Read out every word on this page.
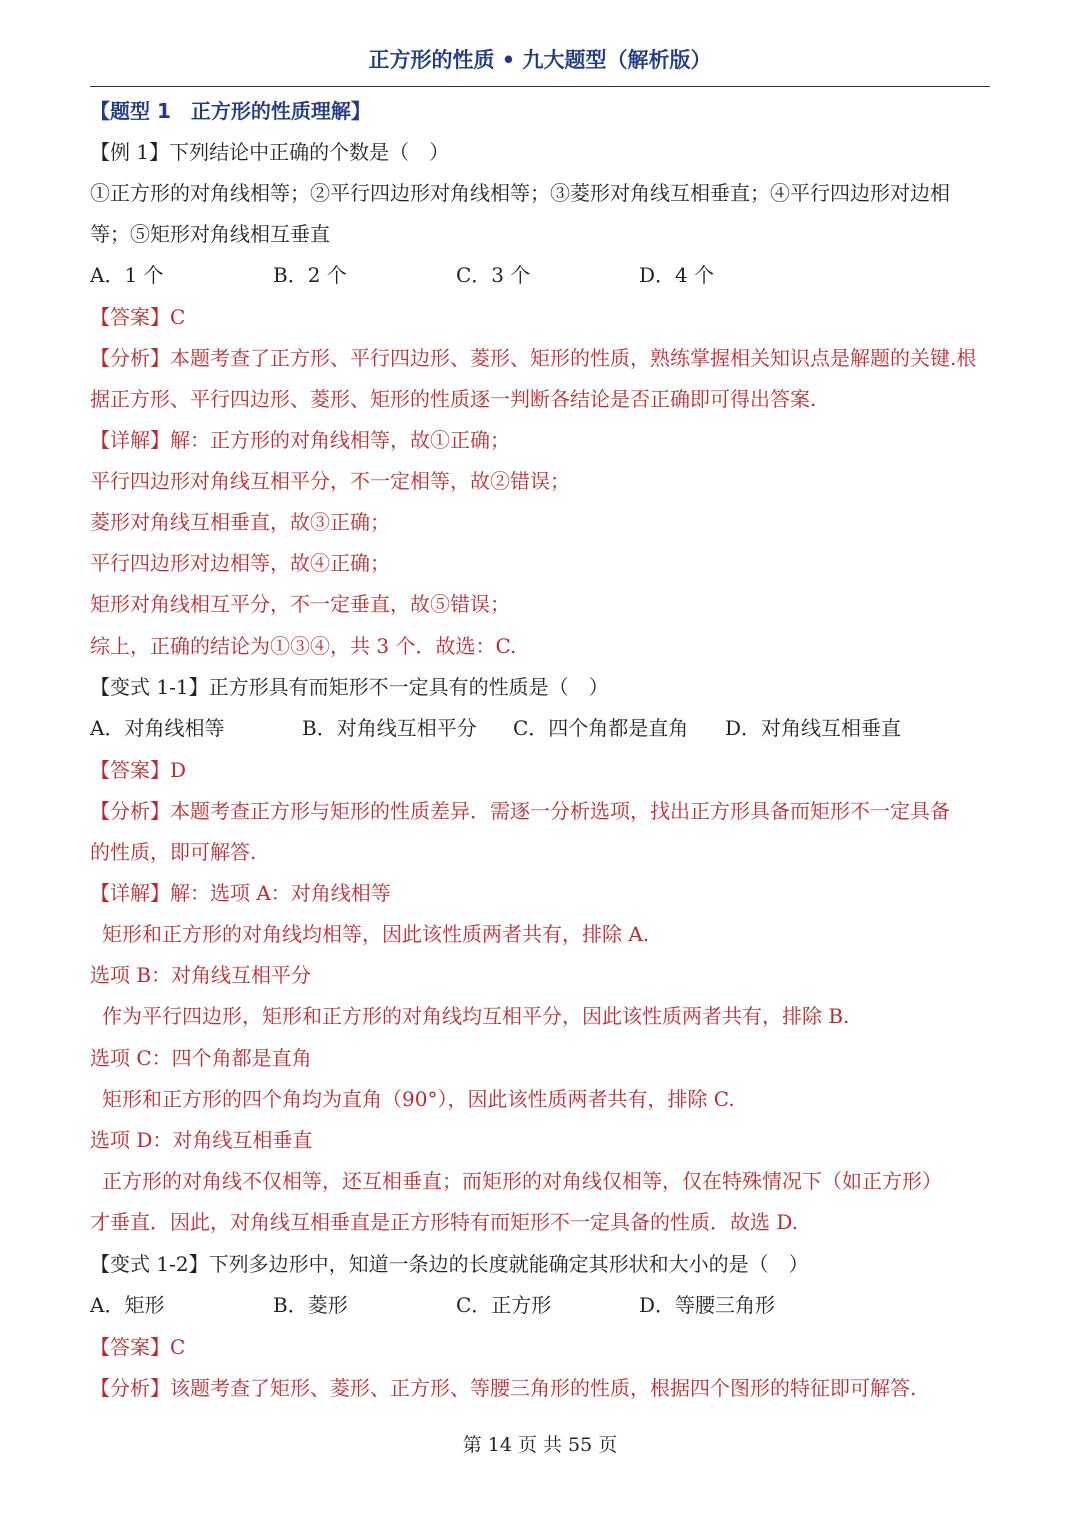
正方形的性质 • 九大题型（解析版）
【题型 1　正方形的性质理解】
【例 1】下列结论中正确的个数是（　）
①正方形的对角线相等；②平行四边形对角线相等；③菱形对角线互相垂直；④平行四边形对边相
等；⑤矩形对角线相互垂直
A．1 个	B．2 个	C．3 个	D．4 个
【答案】C
【分析】本题考查了正方形、平行四边形、菱形、矩形的性质，熟练掌握相关知识点是解题的关键.根
据正方形、平行四边形、菱形、矩形的性质逐一判断各结论是否正确即可得出答案.
【详解】解：正方形的对角线相等，故①正确；
平行四边形对角线互相平分，不一定相等，故②错误；
菱形对角线互相垂直，故③正确；
平行四边形对边相等，故④正确；
矩形对角线相互平分，不一定垂直，故⑤错误；
综上，正确的结论为①③④，共 3 个．故选：C.
【变式 1-1】正方形具有而矩形不一定具有的性质是（　）
A．对角线相等	B．对角线互相平分 C．四个角都是直角 D．对角线互相垂直
【答案】D
【分析】本题考查正方形与矩形的性质差异．需逐一分析选项，找出正方形具备而矩形不一定具备
的性质，即可解答.
【详解】解：选项 A：对角线相等
矩形和正方形的对角线均相等，因此该性质两者共有，排除 A.
选项 B：对角线互相平分
作为平行四边形，矩形和正方形的对角线均互相平分，因此该性质两者共有，排除 B.
选项 C：四个角都是直角
矩形和正方形的四个角均为直角（90°），因此该性质两者共有，排除 C.
选项 D：对角线互相垂直
正方形的对角线不仅相等，还互相垂直；而矩形的对角线仅相等，仅在特殊情况下（如正方形）
才垂直．因此，对角线互相垂直是正方形特有而矩形不一定具备的性质．故选 D.
【变式 1-2】下列多边形中，知道一条边的长度就能确定其形状和大小的是（　）
A．矩形	B．菱形	C．正方形	D．等腰三角形
【答案】C
【分析】该题考查了矩形、菱形、正方形、等腰三角形的性质，根据四个图形的特征即可解答.
第 14 页 共 55 页
